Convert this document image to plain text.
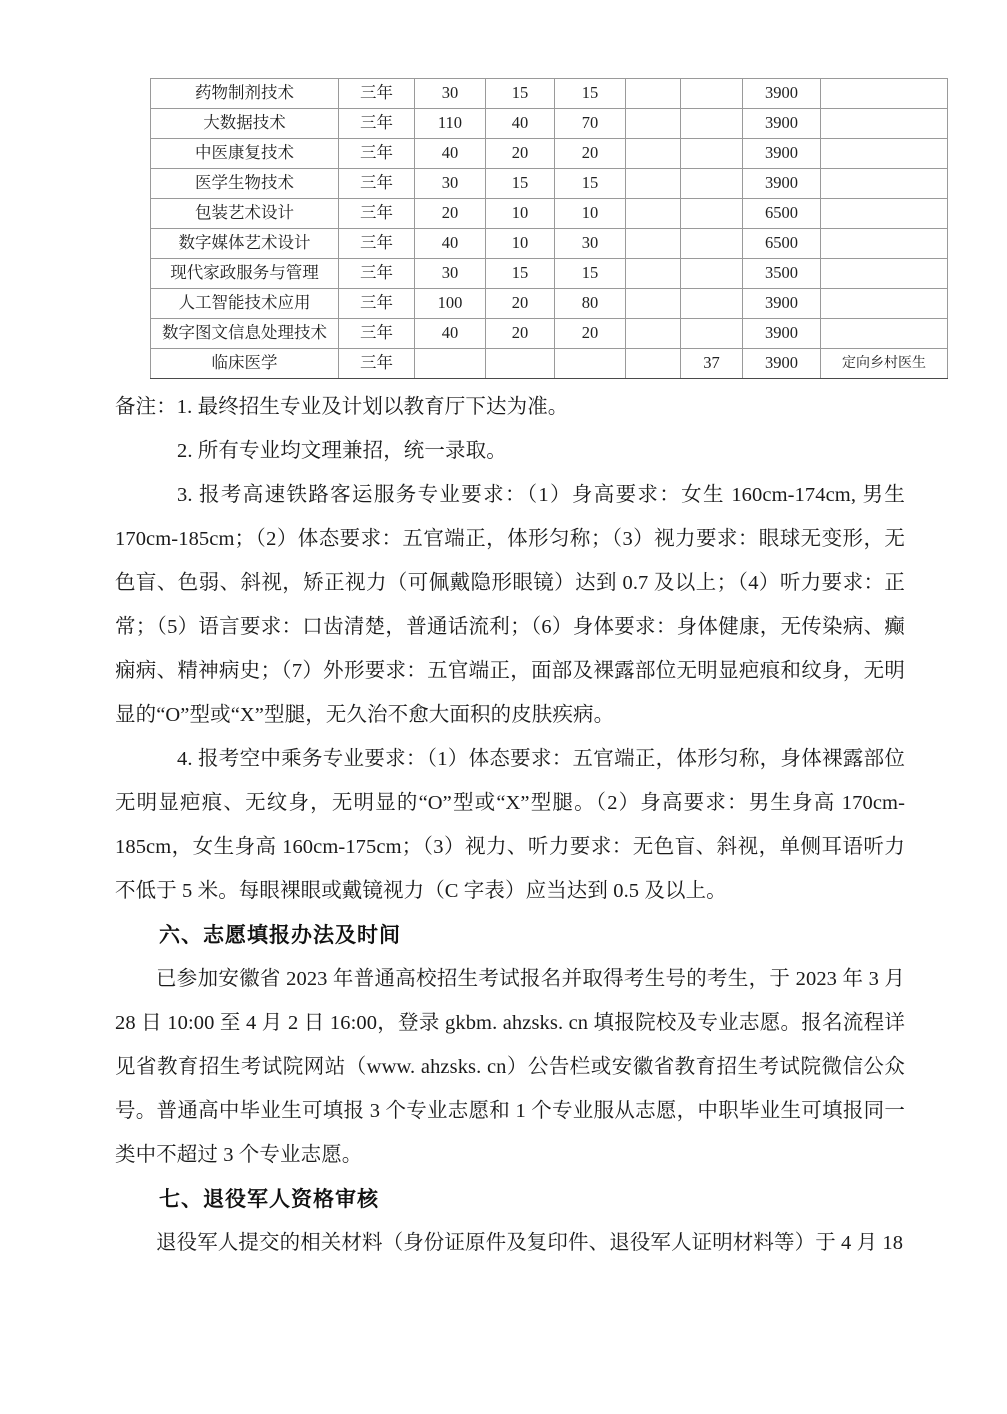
药物制剂技术	三年	30	15	15			3900	
大数据技术	三年	110	40	70			3900	
中医康复技术	三年	40	20	20			3900	
医学生物技术	三年	30	15	15			3900	
包装艺术设计	三年	20	10	10			6500	
数字媒体艺术设计	三年	40	10	30			6500	
现代家政服务与管理	三年	30	15	15			3500	
人工智能技术应用	三年	100	20	80			3900	
数字图文信息处理技术	三年	40	20	20			3900	
临床医学	三年					37	3900	定向乡村医生

备注：1. 最终招生专业及计划以教育厅下达为准。

2. 所有专业均文理兼招，统一录取。

3. 报考高速铁路客运服务专业要求：（1）身高要求：女生 160cm-174cm, 男生 170cm-185cm；（2）体态要求：五官端正，体形匀称；（3）视力要求：眼球无变形，无色盲、色弱、斜视，矫正视力（可佩戴隐形眼镜）达到 0.7 及以上；（4）听力要求：正常；（5）语言要求：口齿清楚，普通话流利；（6）身体要求：身体健康，无传染病、癫痫病、精神病史；（7）外形要求：五官端正，面部及裸露部位无明显疤痕和纹身，无明显的“O”型或“X”型腿，无久治不愈大面积的皮肤疾病。

4. 报考空中乘务专业要求：（1）体态要求：五官端正，体形匀称，身体裸露部位无明显疤痕、无纹身，无明显的“O”型或“X”型腿。（2）身高要求：男生身高 170cm-185cm，女生身高 160cm-175cm；（3）视力、听力要求：无色盲、斜视，单侧耳语听力不低于 5 米。每眼裸眼或戴镜视力（C 字表）应当达到 0.5 及以上。

六、志愿填报办法及时间

已参加安徽省 2023 年普通高校招生考试报名并取得考生号的考生，于 2023 年 3 月 28 日 10:00 至 4 月 2 日 16:00，登录 gkbm. ahzsks. cn 填报院校及专业志愿。报名流程详见省教育招生考试院网站（www. ahzsks. cn）公告栏或安徽省教育招生考试院微信公众号。普通高中毕业生可填报 3 个专业志愿和 1 个专业服从志愿，中职毕业生可填报同一类中不超过 3 个专业志愿。

七、退役军人资格审核

退役军人提交的相关材料（身份证原件及复印件、退役军人证明材料等）于 4 月 18
